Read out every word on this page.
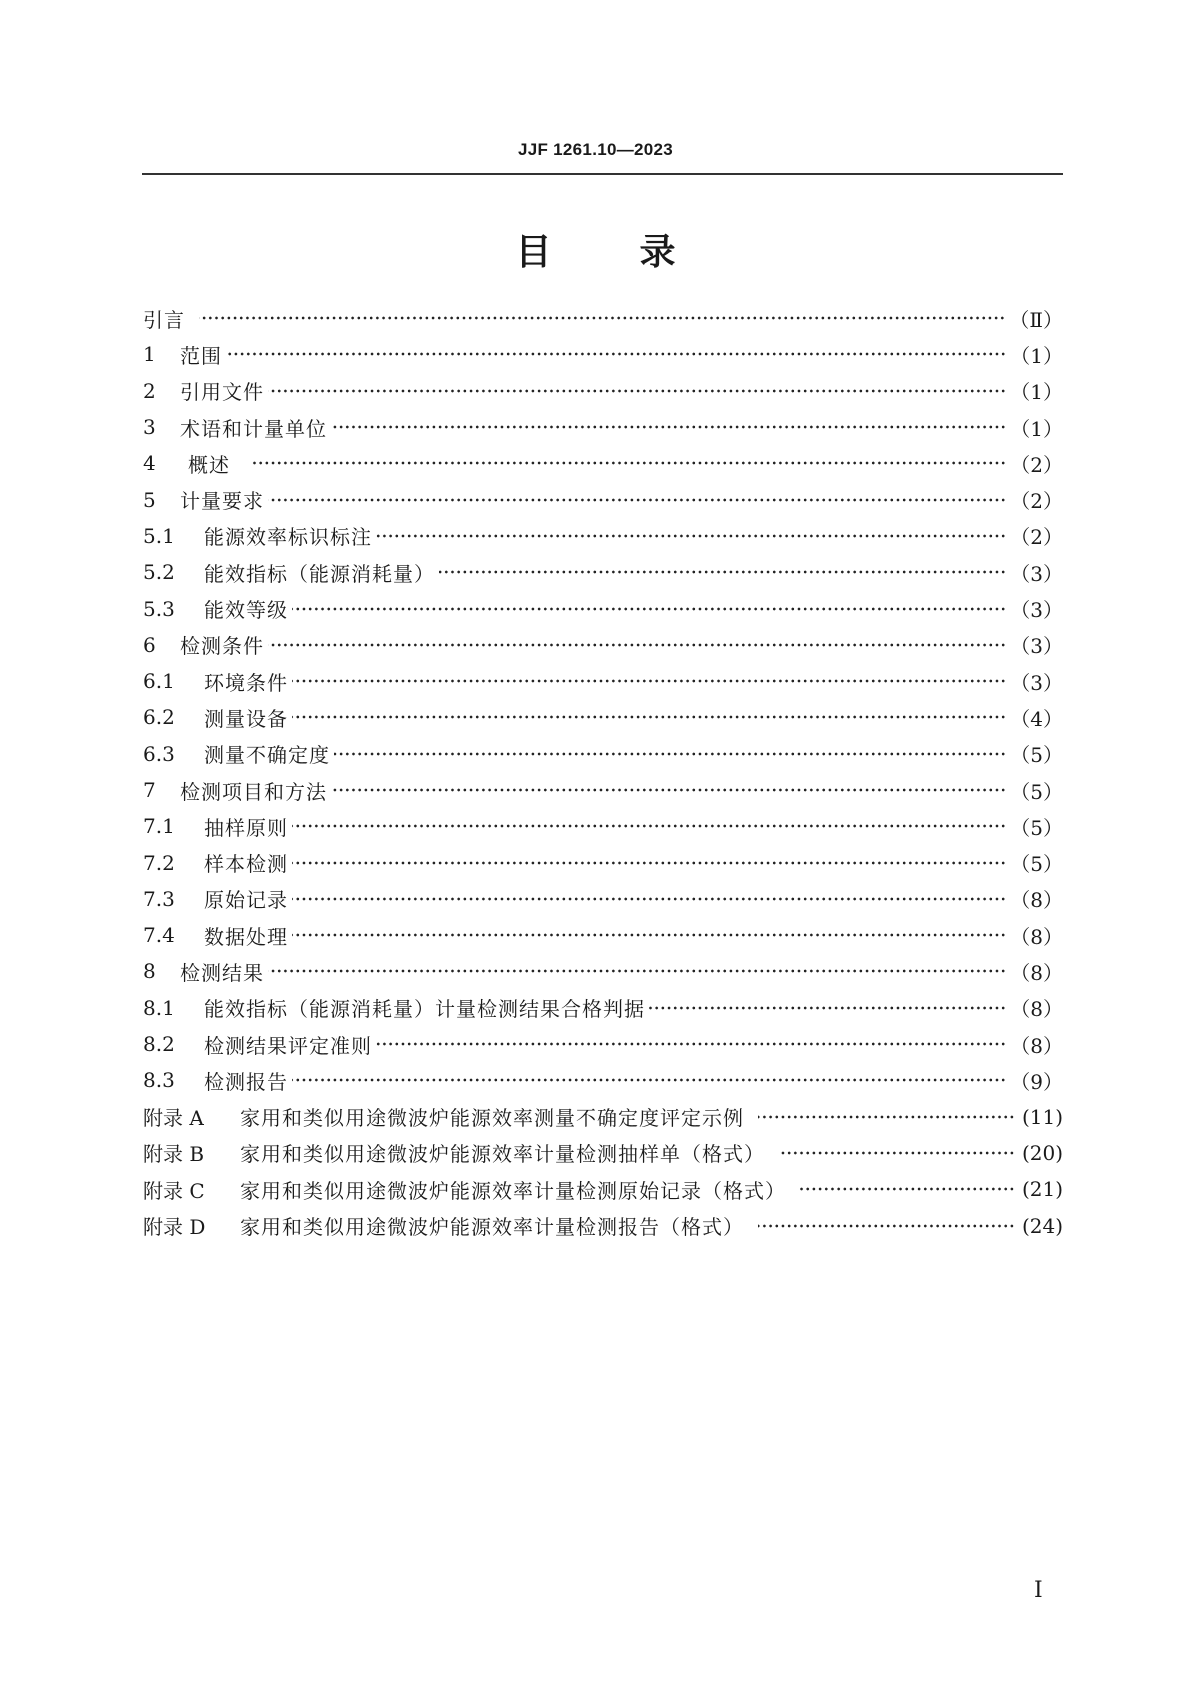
JJF 1261.10—2023
目 录
引言	（Ⅱ）
1	范围	（1）
2	引用文件	（1）
3	术语和计量单位	（1）
4	概述	（2）
5	计量要求	（2）
5.1	能源效率标识标注	（2）
5.2	能效指标（能源消耗量）	（3）
5.3	能效等级	（3）
6	检测条件	（3）
6.1	环境条件	（3）
6.2	测量设备	（4）
6.3	测量不确定度	（5）
7	检测项目和方法	（5）
7.1	抽样原则	（5）
7.2	样本检测	（5）
7.3	原始记录	（8）
7.4	数据处理	（8）
8	检测结果	（8）
8.1	能效指标（能源消耗量）计量检测结果合格判据	（8）
8.2	检测结果评定准则	（8）
8.3	检测报告	（9）
附录 A	家用和类似用途微波炉能源效率测量不确定度评定示例	(11)
附录 B	家用和类似用途微波炉能源效率计量检测抽样单（格式）	(20)
附录 C	家用和类似用途微波炉能源效率计量检测原始记录（格式）	(21)
附录 D	家用和类似用途微波炉能源效率计量检测报告（格式）	(24)
I
